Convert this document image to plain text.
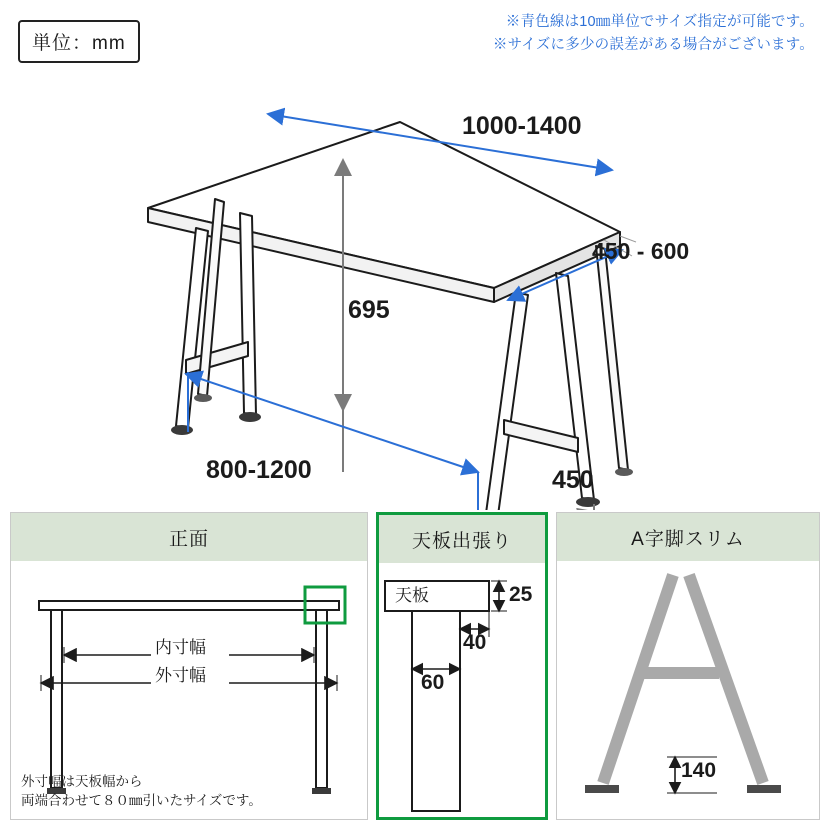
単位：mm
※青色線は10㎜単位でサイズ指定が可能です。
※サイズに多少の誤差がある場合がございます。
1000-1400
450 - 600
695
800-1200	450
正面
内寸幅
外寸幅
外寸幅は天板幅から
両端合わせて８０㎜引いたサイズです。
天板出張り
天板	25
40
60
A字脚スリム
140
